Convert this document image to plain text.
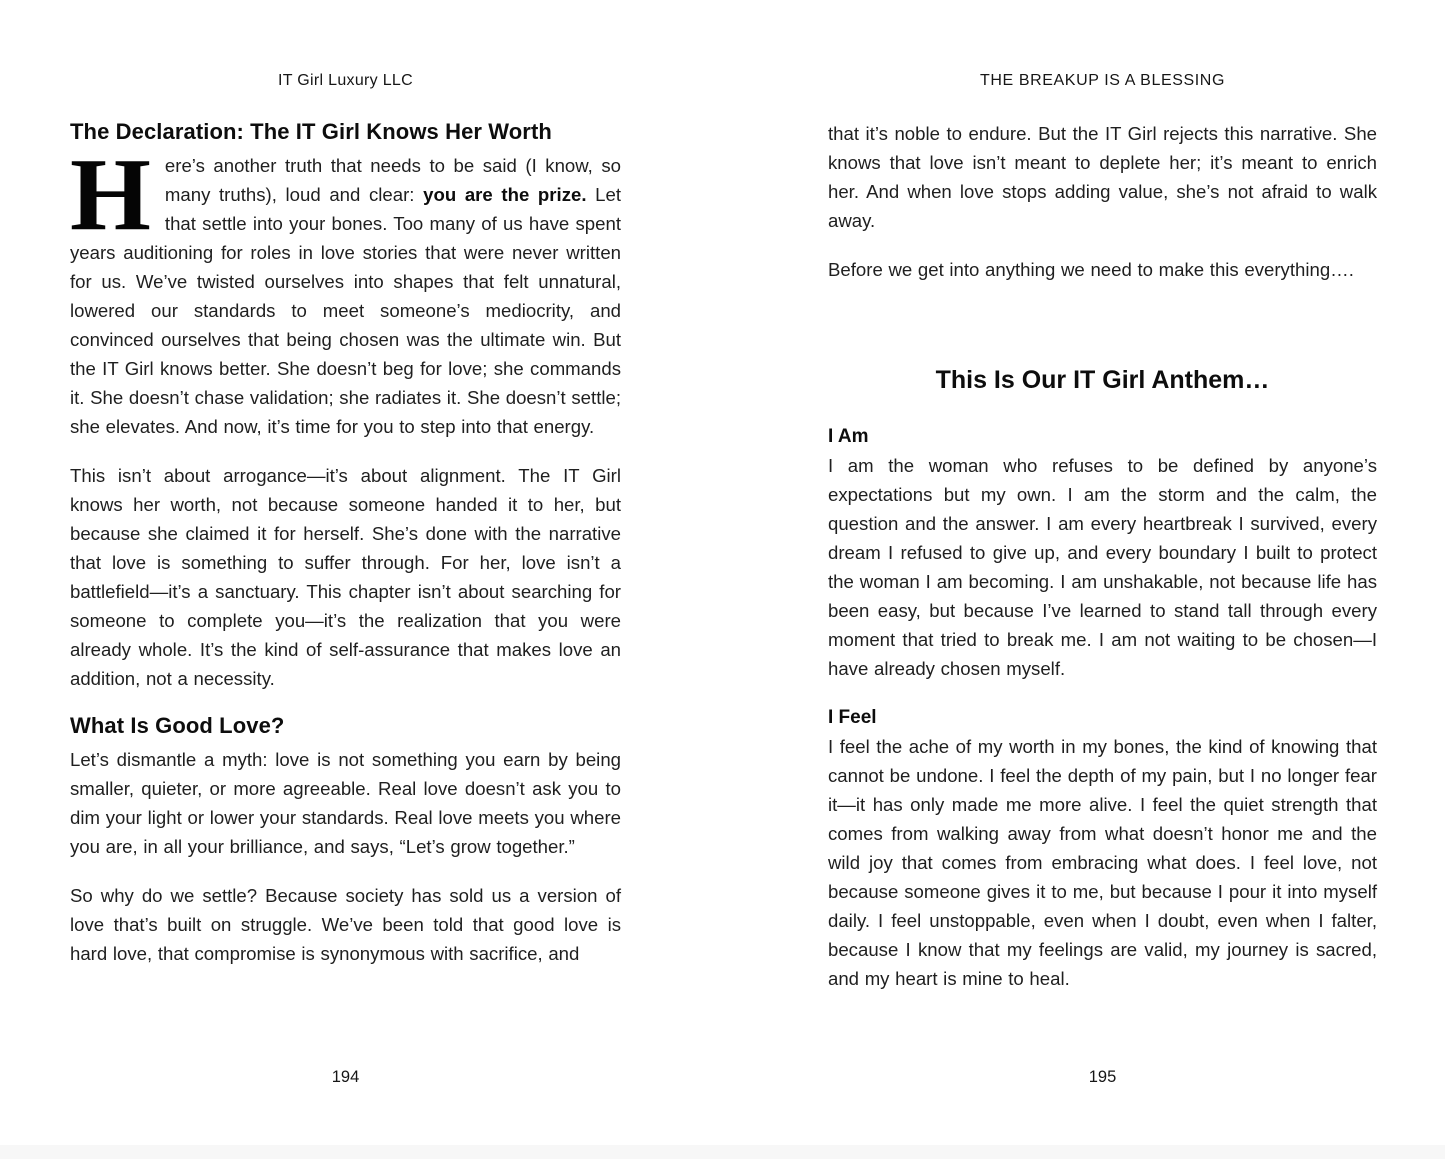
IT Girl Luxury LLC
The Declaration: The IT Girl Knows Her Worth
Here’s another truth that needs to be said (I know, so many truths), loud and clear: you are the prize. Let that settle into your bones. Too many of us have spent years auditioning for roles in love stories that were never written for us. We’ve twisted ourselves into shapes that felt unnatural, lowered our standards to meet someone’s mediocrity, and convinced ourselves that being chosen was the ultimate win. But the IT Girl knows better. She doesn’t beg for love; she commands it. She doesn’t chase validation; she radiates it. She doesn’t settle; she elevates. And now, it’s time for you to step into that energy.

This isn’t about arrogance—it’s about alignment. The IT Girl knows her worth, not because someone handed it to her, but because she claimed it for herself. She’s done with the narrative that love is something to suffer through. For her, love isn’t a battlefield—it’s a sanctuary. This chapter isn’t about searching for someone to complete you—it’s the realization that you were already whole. It’s the kind of self-assurance that makes love an addition, not a necessity.

What Is Good Love?

Let’s dismantle a myth: love is not something you earn by being smaller, quieter, or more agreeable. Real love doesn’t ask you to dim your light or lower your standards. Real love meets you where you are, in all your brilliance, and says, “Let’s grow together.”

So why do we settle? Because society has sold us a version of love that’s built on struggle. We’ve been told that good love is hard love, that compromise is synonymous with sacrifice, and

194
THE BREAKUP IS A BLESSING

that it’s noble to endure. But the IT Girl rejects this narrative. She knows that love isn’t meant to deplete her; it’s meant to enrich her. And when love stops adding value, she’s not afraid to walk away.

Before we get into anything we need to make this everything….

This Is Our IT Girl Anthem…
I Am

I am the woman who refuses to be defined by anyone’s expectations but my own. I am the storm and the calm, the question and the answer. I am every heartbreak I survived, every dream I refused to give up, and every boundary I built to protect the woman I am becoming. I am unshakable, not because life has been easy, but because I’ve learned to stand tall through every moment that tried to break me. I am not waiting to be chosen—I have already chosen myself.

I Feel

I feel the ache of my worth in my bones, the kind of knowing that cannot be undone. I feel the depth of my pain, but I no longer fear it—it has only made me more alive. I feel the quiet strength that comes from walking away from what doesn’t honor me and the wild joy that comes from embracing what does. I feel love, not because someone gives it to me, but because I pour it into myself daily. I feel unstoppable, even when I doubt, even when I falter, because I know that my feelings are valid, my journey is sacred, and my heart is mine to heal.

195
